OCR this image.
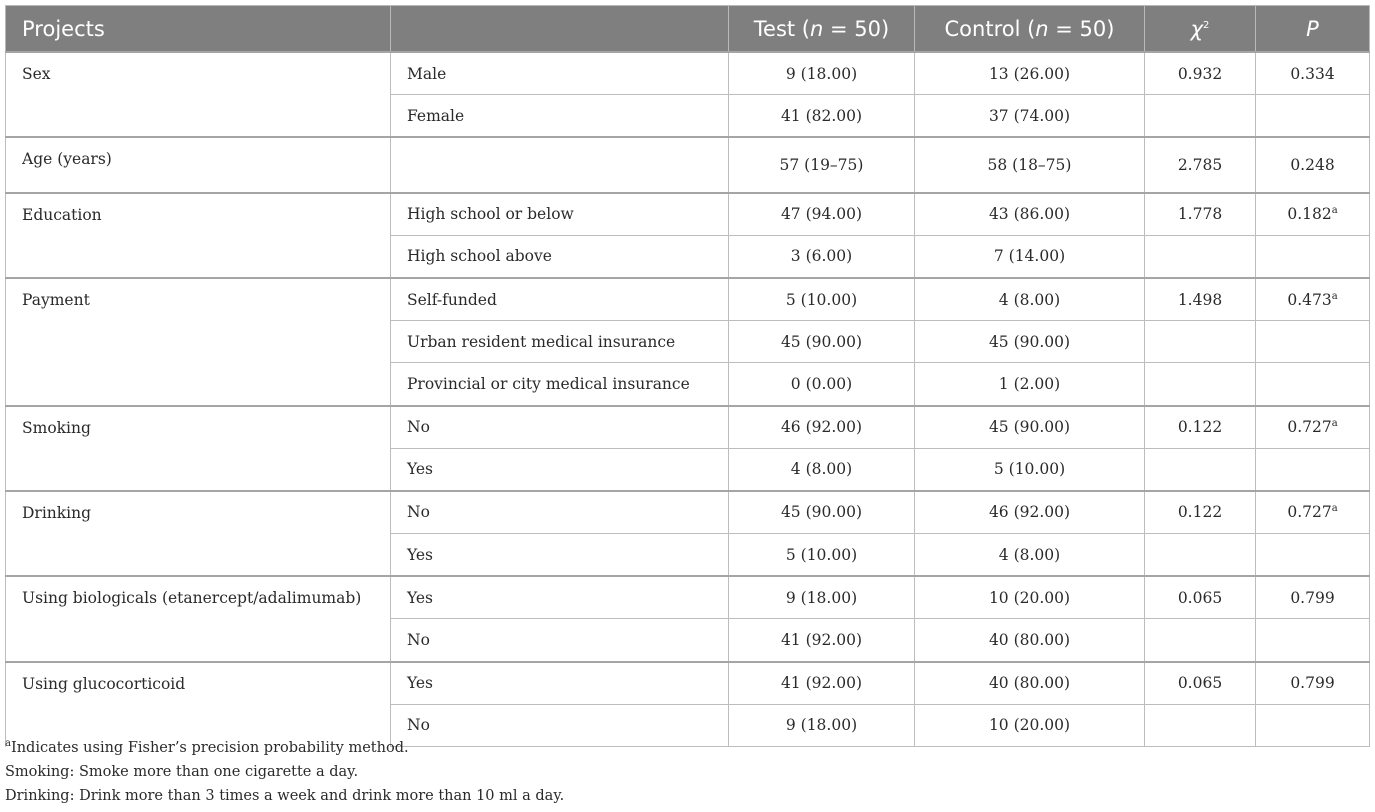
Projects		Test (n = 50)	Control (n = 50)	$\chi^2$	P
Sex	Male	9 (18.00)	13 (26.00)	0.932	0.334
	Female	41 (82.00)	37 (74.00)		
Age (years)		57 (19–75)	58 (18–75)	2.785	0.248
Education	High school or below	47 (94.00)	43 (86.00)	1.778	0.182$^a$
	High school above	3 (6.00)	7 (14.00)		
Payment	Self-funded	5 (10.00)	4 (8.00)	1.498	0.473$^a$
	Urban resident medical insurance	45 (90.00)	45 (90.00)		
	Provincial or city medical insurance	0 (0.00)	1 (2.00)		
Smoking	No	46 (92.00)	45 (90.00)	0.122	0.727$^a$
	Yes	4 (8.00)	5 (10.00)		
Drinking	No	45 (90.00)	46 (92.00)	0.122	0.727$^a$
	Yes	5 (10.00)	4 (8.00)		
Using biologicals (etanercept/adalimumab)	Yes	9 (18.00)	10 (20.00)	0.065	0.799
	No	41 (92.00)	40 (80.00)		
Using glucocorticoid	Yes	41 (92.00)	40 (80.00)	0.065	0.799
	No	9 (18.00)	10 (20.00)		
$^a$Indicates using Fisher’s precision probability method.
Smoking: Smoke more than one cigarette a day.
Drinking: Drink more than 3 times a week and drink more than 10 ml a day.
